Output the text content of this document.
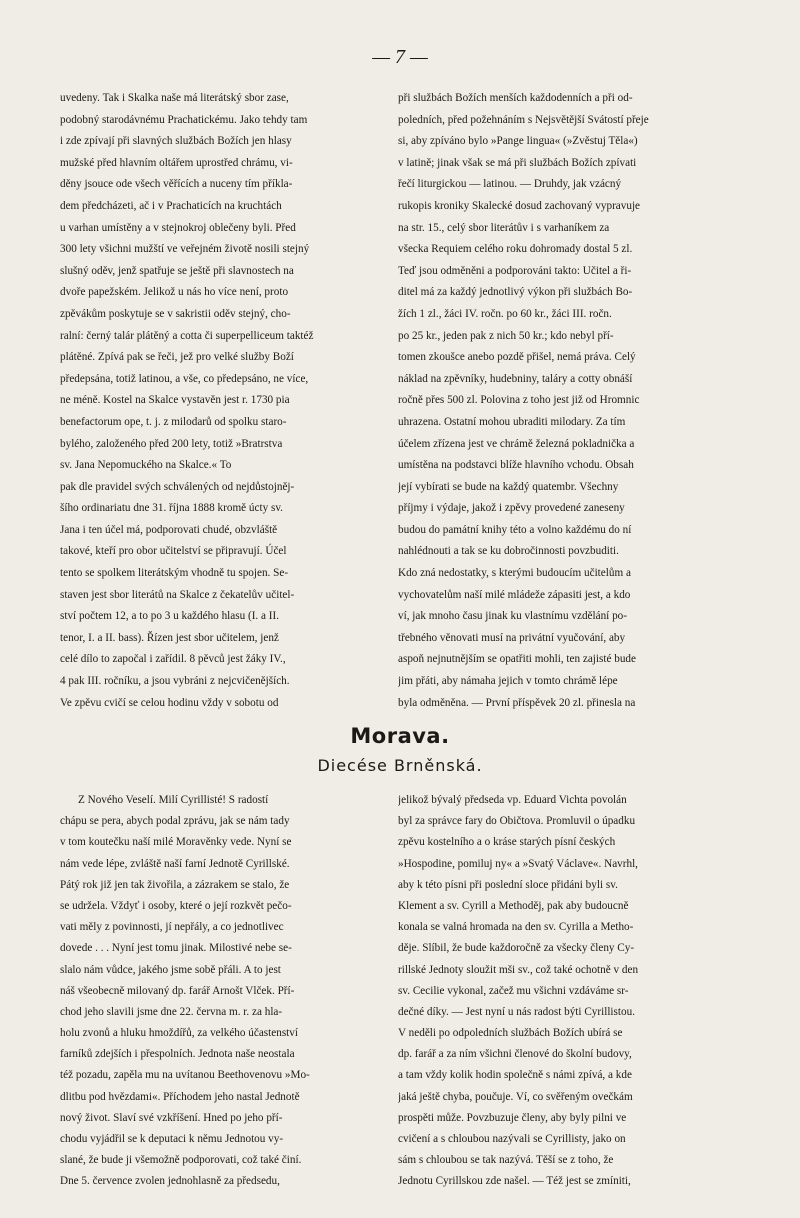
— 7 —
uvedeny. Tak i Skalka naše má literátský sbor zase,
podobný starodávnému Prachatickému. Jako tehdy tam
i zde zpívají při slavných službách Božích jen hlasy
mužské před hlavním oltářem uprostřed chrámu, vi-
děny jsouce ode všech věřících a nuceny tím příkla-
dem předcházeti, ač i v Prachaticích na kruchtách
u varhan umístěny a v stejnokroj oblečeny byli. Před
300 lety všichni mužští ve veřejném životě nosili stejný
slušný oděv, jenž spatřuje se ještě při slavnostech na
dvoře papežském. Jelikož u nás ho více není, proto
zpěvákům poskytuje se v sakristii oděv stejný, cho-
ralní: černý talár plátěný a cotta či superpelliceum taktéž
plátěné. Zpívá pak se řeči, jež pro velké služby Boží
předepsána, totiž latinou, a vše, co předepsáno, ne více,
ne méně. Kostel na Skalce vystavěn jest r. 1730 pia
benefactorum ope, t. j. z milodarů od spolku staro-
bylého, založeného před 200 lety, totiž »Bratrstva
sv. Jana Nepomuckého na Skalce.« To
pak dle pravidel svých schválených od nejdůstojněj-
šího ordinariatu dne 31. října 1888 kromě úcty sv.
Jana i ten účel má, podporovati chudé, obzvláště
takové, kteří pro obor učitelství se připravují. Účel
tento se spolkem literátským vhodně tu spojen. Se-
staven jest sbor literátů na Skalce z čekatelův učitel-
ství počtem 12, a to po 3 u každého hlasu (I. a II.
tenor, I. a II. bass). Řízen jest sbor učitelem, jenž
celé dílo to započal i zařídil. 8 pěvců jest žáky IV.,
4 pak III. ročníku, a jsou vybráni z nejcvičenějších.
Ve zpěvu cvičí se celou hodinu vždy v sobotu od
při službách Božích menších každodenních a při od-
poledních, před požehnáním s Nejsvětější Svátostí přeje
si, aby zpíváno bylo »Pange lingua« (»Zvěstuj Těla«)
v latině; jinak však se má při službách Božích zpívati
řečí liturgickou — latinou. — Druhdy, jak vzácný
rukopis kroniky Skalecké dosud zachovaný vypravuje
na str. 15., celý sbor literátův i s varhaníkem za
všecka Requiem celého roku dohromady dostal 5 zl.
Teď jsou odměněni a podporováni takto: Učitel a ři-
ditel má za každý jednotlivý výkon při službách Bo-
žích 1 zl., žáci IV. ročn. po 60 kr., žáci III. ročn.
po 25 kr., jeden pak z nich 50 kr.; kdo nebyl pří-
tomen zkoušce anebo pozdě přišel, nemá práva. Celý
náklad na zpěvníky, hudebniny, taláry a cotty obnáší
ročně přes 500 zl. Polovina z toho jest již od Hromnic
uhrazena. Ostatní mohou ubraditi milodary. Za tím
účelem zřízena jest ve chrámě železná pokladnička a
umístěna na podstavci blíže hlavního vchodu. Obsah
její vybírati se bude na každý quatembr. Všechny
příjmy i výdaje, jakož i zpěvy provedené zaneseny
budou do památní knihy této a volno každému do ní
nahlédnouti a tak se ku dobročinnosti povzbuditi.
Kdo zná nedostatky, s kterými budoucím učitelům a
vychovatelům naší milé mládeže zápasiti jest, a kdo
ví, jak mnoho času jinak ku vlastnímu vzdělání po-
třebného věnovati musí na privátní vyučování, aby
aspoň nejnutnějším se opatřiti mohli, ten zajisté bude
jim přáti, aby námaha jejich v tomto chrámě lépe
byla odměněna. — První příspěvek 20 zl. přinesla na
Morava.
Diecése Brněnská.
Z Nového Veselí. Milí Cyrillisté! S radostí
chápu se pera, abych podal zprávu, jak se nám tady
v tom koutečku naší milé Moravěnky vede. Nyní se
nám vede lépe, zvláště naší farní Jednotě Cyrillské.
Pátý rok již jen tak živořila, a zázrakem se stalo, že
se udržela. Vždyť i osoby, které o její rozkvět pečo-
vati měly z povinnosti, jí nepřály, a co jednotlivec
dovede . . . Nyní jest tomu jinak. Milostivé nebe se-
slalo nám vůdce, jakého jsme sobě přáli. A to jest
náš všeobecně milovaný dp. farář Arnošt Vlček. Pří-
chod jeho slavili jsme dne 22. června m. r. za hla-
holu zvonů a hluku hmoždířů, za velkého účastenství
farníků zdejších i přespolních. Jednota naše neostala
též pozadu, zapěla mu na uvítanou Beethovenovu »Mo-
dlitbu pod hvězdami«. Příchodem jeho nastal Jednotě
nový život. Slaví své vzkříšení. Hned po jeho pří-
chodu vyjádřil se k deputaci k němu Jednotou vy-
slané, že bude ji všemožně podporovati, což také činí.
Dne 5. července zvolen jednohlasně za předsedu,
jelikož bývalý předseda vp. Eduard Vichta povolán
byl za správce fary do Običtova. Promluvil o úpadku
zpěvu kostelního a o kráse starých písní českých
»Hospodine, pomiluj ny« a »Svatý Václave«. Navrhl,
aby k této písni při poslední sloce přidáni byli sv.
Klement a sv. Cyrill a Methoděj, pak aby budoucně
konala se valná hromada na den sv. Cyrilla a Metho-
děje. Slíbil, že bude každoročně za všecky členy Cy-
rillské Jednoty sloužit mši sv., což také ochotně v den
sv. Cecilie vykonal, začež mu všichni vzdáváme sr-
dečné díky. — Jest nyní u nás radost býti Cyrillistou.
V neděli po odpoledních službách Božích ubírá se
dp. farář a za ním všichni členové do školní budovy,
a tam vždy kolik hodin společně s námi zpívá, a kde
jaká ještě chyba, poučuje. Ví, co svěřeným ovečkám
prospěti může. Povzbuzuje členy, aby byly pilni ve
cvičení a s chloubou nazývali se Cyrillisty, jako on
sám s chloubou se tak nazývá. Těší se z toho, že
Jednotu Cyrillskou zde našel. — Též jest se zmíniti,
